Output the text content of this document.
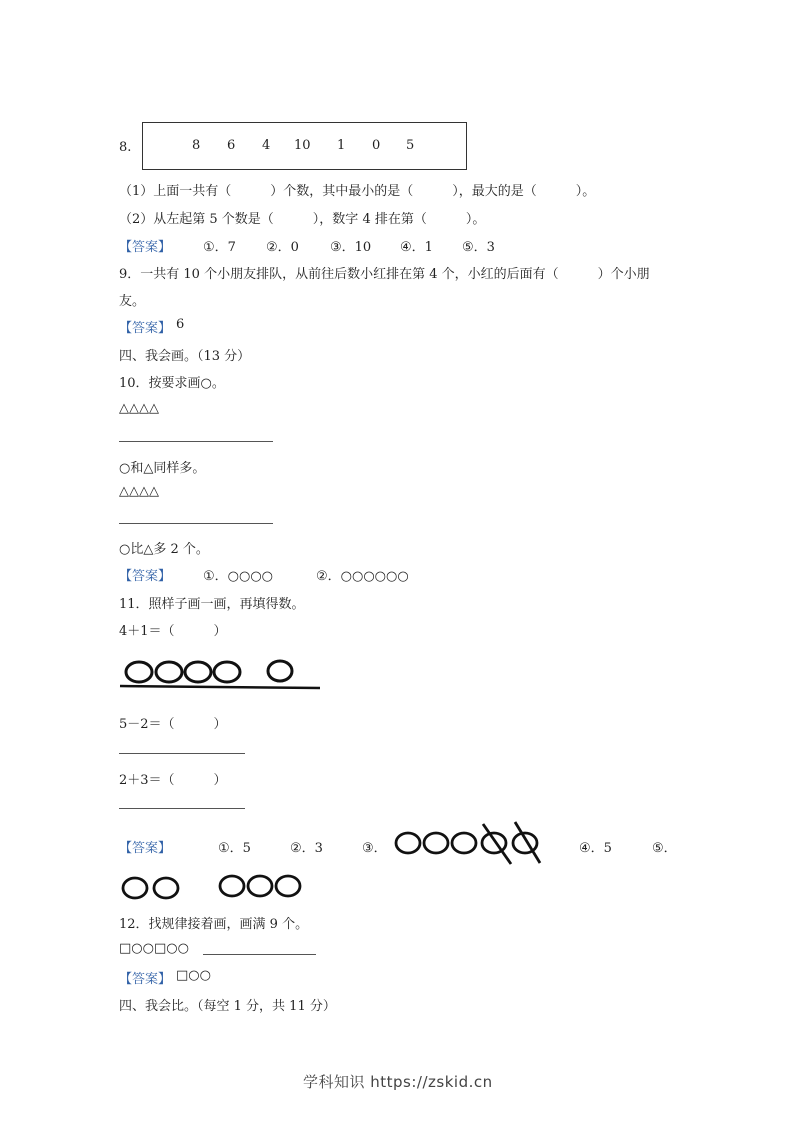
8.	8 6 4 10 1 0 5
（1）上面一共有（　　　）个数，其中最小的是（　　　），最大的是（　　　）。
（2）从左起第 5 个数是（　　　），数字 4 排在第（　　　）。
【答案】 ①．7 ②．0 ③．10 ④．1 ⑤．3
9．一共有 10 个小朋友排队，从前往后数小红排在第 4 个，小红的后面有（　　　）个小朋
友。
【答案】 6
四、我会画。（13 分）
10．按要求画○。
△△△△
○和△同样多。
△△△△
○比△多 2 个。
【答案】 ①．○○○○	②．○○○○○○
11．照样子画一画，再填得数。
4＋1＝（　　　）
5－2＝（　　　）
2＋3＝（　　　）
【答案】	①．5	②．3	③．	④．5	⑤．
12．找规律接着画，画满 9 个。
□○○□○○
【答案】 □○○
四、我会比。（每空 1 分，共 11 分）
学科知识 https://zskid.cn
